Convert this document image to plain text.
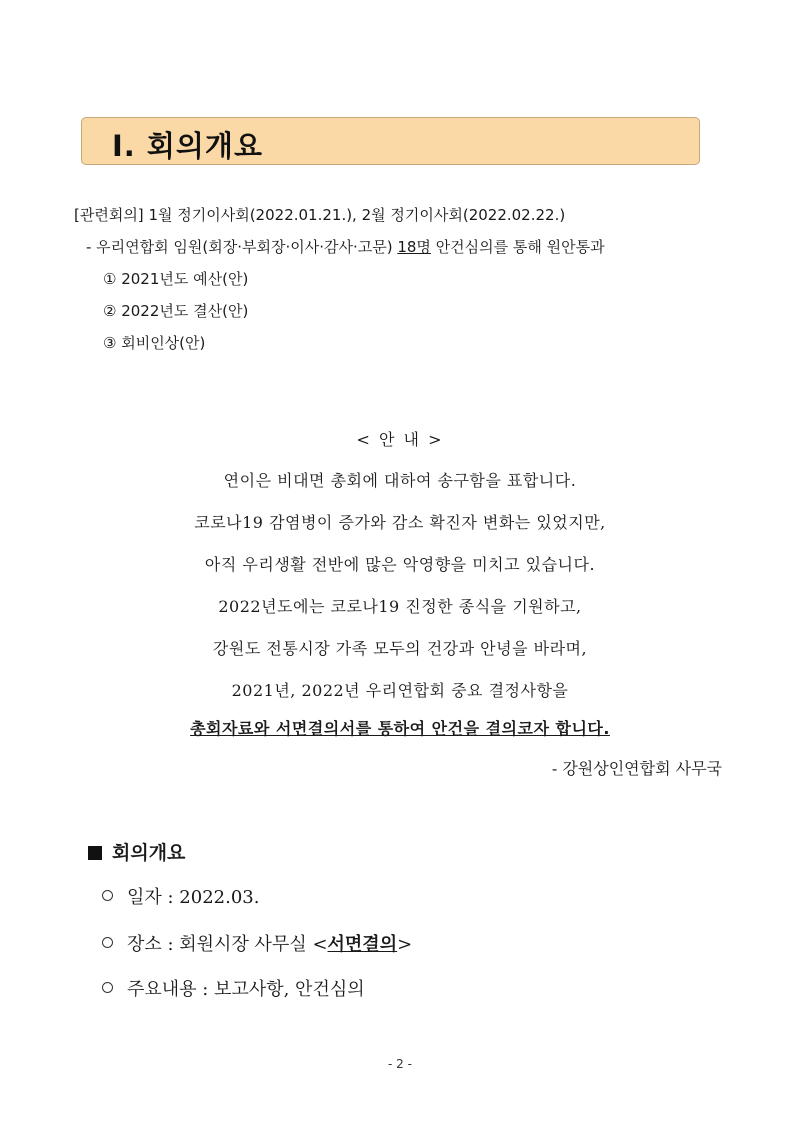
Ⅰ. 회의개요
[관련회의] 1월 정기이사회(2022.01.21.), 2월 정기이사회(2022.02.22.)
- 우리연합회 임원(회장·부회장·이사·감사·고문) 18명 안건심의를 통해 원안통과
① 2021년도 예산(안)
② 2022년도 결산(안)
③ 회비인상(안)
< 안 내 >
연이은 비대면 총회에 대하여 송구함을 표합니다.
코로나19 감염병이 증가와 감소 확진자 변화는 있었지만,
아직 우리생활 전반에 많은 악영향을 미치고 있습니다.
2022년도에는 코로나19 진정한 종식을 기원하고,
강원도 전통시장 가족 모두의 건강과 안녕을 바라며,
2021년, 2022년 우리연합회 중요 결정사항을
총회자료와 서면결의서를 통하여 안건을 결의코자 합니다.
- 강원상인연합회 사무국
회의개요
일자 : 2022.03.
장소 : 회원시장 사무실 <서면결의>
주요내용 : 보고사항, 안건심의
- 2 -
